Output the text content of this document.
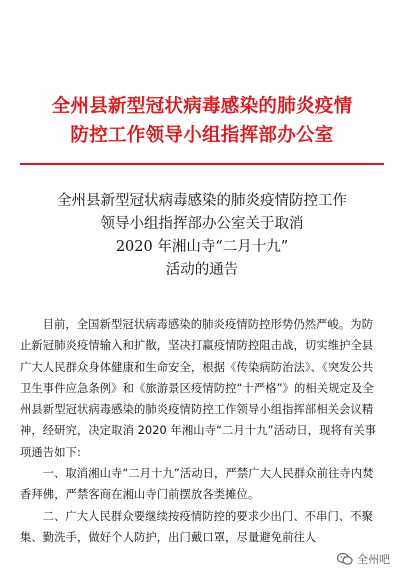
全州县新型冠状病毒感染的肺炎疫情
防控工作领导小组指挥部办公室
全州县新型冠状病毒感染的肺炎疫情防控工作
领导小组指挥部办公室关于取消
2020 年湘山寺“二月十九”
活动的通告

目前，全国新型冠状病毒感染的肺炎疫情防控形势仍然严峻。为防止新冠肺炎疫情输入和扩散，坚决打赢疫情防控阻击战，切实维护全县广大人民群众身体健康和生命安全，根据《传染病防治法》、《突发公共卫生事件应急条例》和《旅游景区疫情防控“十严格”》的相关规定及全州县新型冠状病毒感染的肺炎疫情防控工作领导小组指挥部相关会议精神，经研究，决定取消 2020 年湘山寺“二月十九”活动日，现将有关事项通告如下:

一、取消湘山寺“二月十九”活动日，严禁广大人民群众前往寺内焚香拜佛，严禁客商在湘山寺门前摆放各类摊位。

二、广大人民群众要继续按疫情防控的要求少出门、不串门、不聚集、勤洗手，做好个人防护，出门戴口罩，尽量避免前往人

全州吧
